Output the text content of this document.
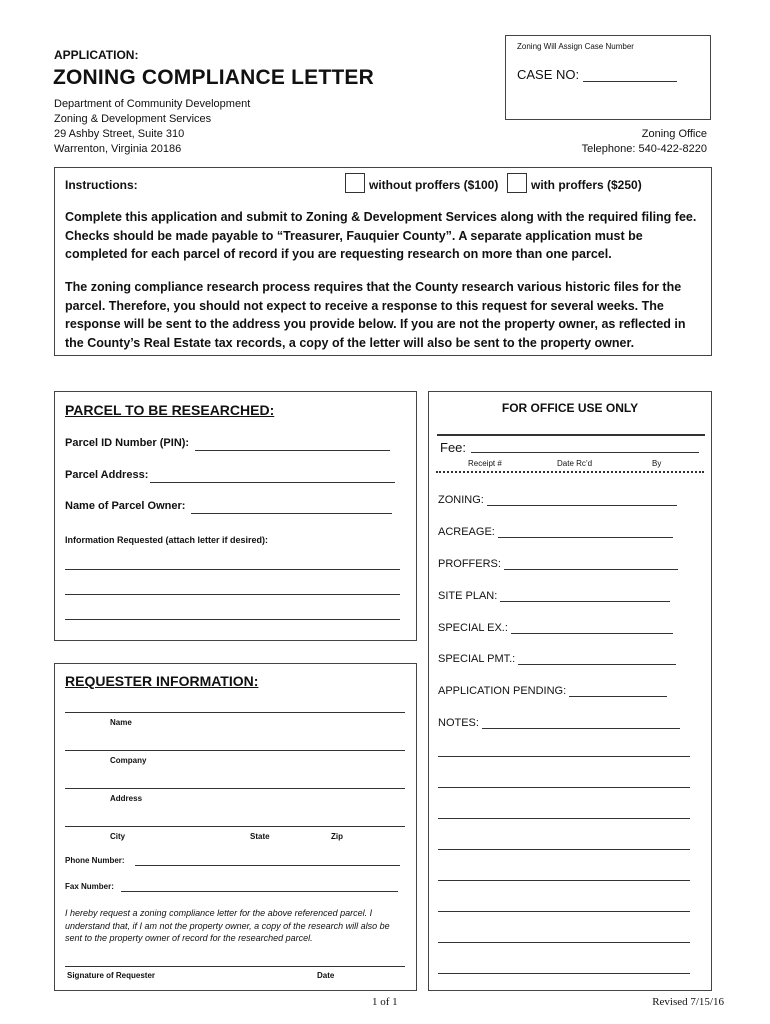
APPLICATION:
ZONING COMPLIANCE LETTER
Department of Community Development
Zoning & Development Services
29 Ashby Street, Suite 310
Warrenton, Virginia 20186
Zoning Office
Telephone: 540-422-8220
Zoning Will Assign Case Number
CASE NO:
Instructions:	without proffers ($100)	with proffers ($250)
Complete this application and submit to Zoning & Development Services along with the required filing fee. Checks should be made payable to “Treasurer, Fauquier County”. A separate application must be completed for each parcel of record if you are requesting research on more than one parcel.
The zoning compliance research process requires that the County research various historic files for the parcel. Therefore, you should not expect to receive a response to this request for several weeks. The response will be sent to the address you provide below. If you are not the property owner, as reflected in the County’s Real Estate tax records, a copy of the letter will also be sent to the property owner.
PARCEL TO BE RESEARCHED:
Parcel ID Number (PIN):
Parcel Address:
Name of Parcel Owner:
Information Requested (attach letter if desired):
REQUESTER INFORMATION:
Name
Company
Address
City	State	Zip
Phone Number:
Fax Number:
I hereby request a zoning compliance letter for the above referenced parcel. I understand that, if I am not the property owner, a copy of the research will also be sent to the property owner of record for the researched parcel.
Signature of Requester	Date
FOR OFFICE USE ONLY
Fee:
Receipt #	Date Rc’d	By
ZONING:
ACREAGE:
PROFFERS:
SITE PLAN:
SPECIAL EX.:
SPECIAL PMT.:
APPLICATION PENDING:
NOTES:
1 of 1	Revised 7/15/16
